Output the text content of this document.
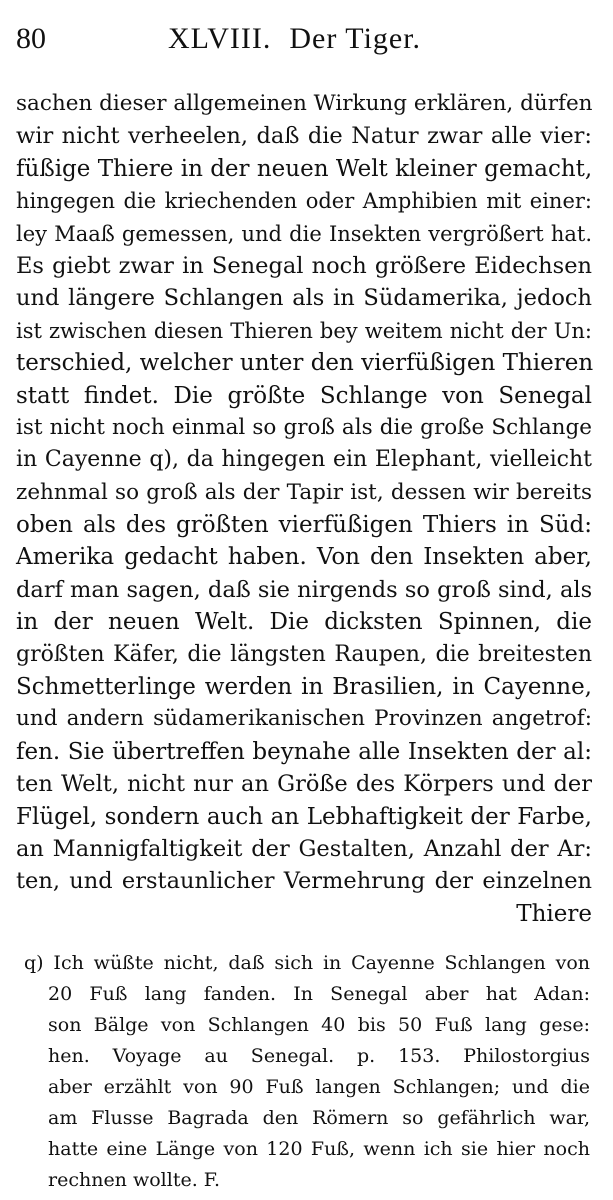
80	XLVIII. Der Tiger.
sachen dieser allgemeinen Wirkung erklären, dürfen
wir nicht verheelen, daß die Natur zwar alle vier:
füßige Thiere in der neuen Welt kleiner gemacht,
hingegen die kriechenden oder Amphibien mit einer:
ley Maaß gemessen, und die Insekten vergrößert hat.
Es giebt zwar in Senegal noch größere Eidechsen
und längere Schlangen als in Südamerika, jedoch
ist zwischen diesen Thieren bey weitem nicht der Un:
terschied, welcher unter den vierfüßigen Thieren
statt findet. Die größte Schlange von Senegal
ist nicht noch einmal so groß als die große Schlange
in Cayenne q), da hingegen ein Elephant, vielleicht
zehnmal so groß als der Tapir ist, dessen wir bereits
oben als des größten vierfüßigen Thiers in Süd:
Amerika gedacht haben. Von den Insekten aber,
darf man sagen, daß sie nirgends so groß sind, als
in der neuen Welt. Die dicksten Spinnen, die
größten Käfer, die längsten Raupen, die breitesten
Schmetterlinge werden in Brasilien, in Cayenne,
und andern südamerikanischen Provinzen angetrof:
fen. Sie übertreffen beynahe alle Insekten der al:
ten Welt, nicht nur an Größe des Körpers und der
Flügel, sondern auch an Lebhaftigkeit der Farbe,
an Mannigfaltigkeit der Gestalten, Anzahl der Ar:
ten, und erstaunlicher Vermehrung der einzelnen
Thiere
q) Ich wüßte nicht, daß sich in Cayenne Schlangen von
20 Fuß lang fanden. In Senegal aber hat Adan:
son Bälge von Schlangen 40 bis 50 Fuß lang gese:
hen. Voyage au Senegal. p. 153. Philostorgius
aber erzählt von 90 Fuß langen Schlangen; und die
am Flusse Bagrada den Römern so gefährlich war,
hatte eine Länge von 120 Fuß, wenn ich sie hier noch
rechnen wollte. F.
